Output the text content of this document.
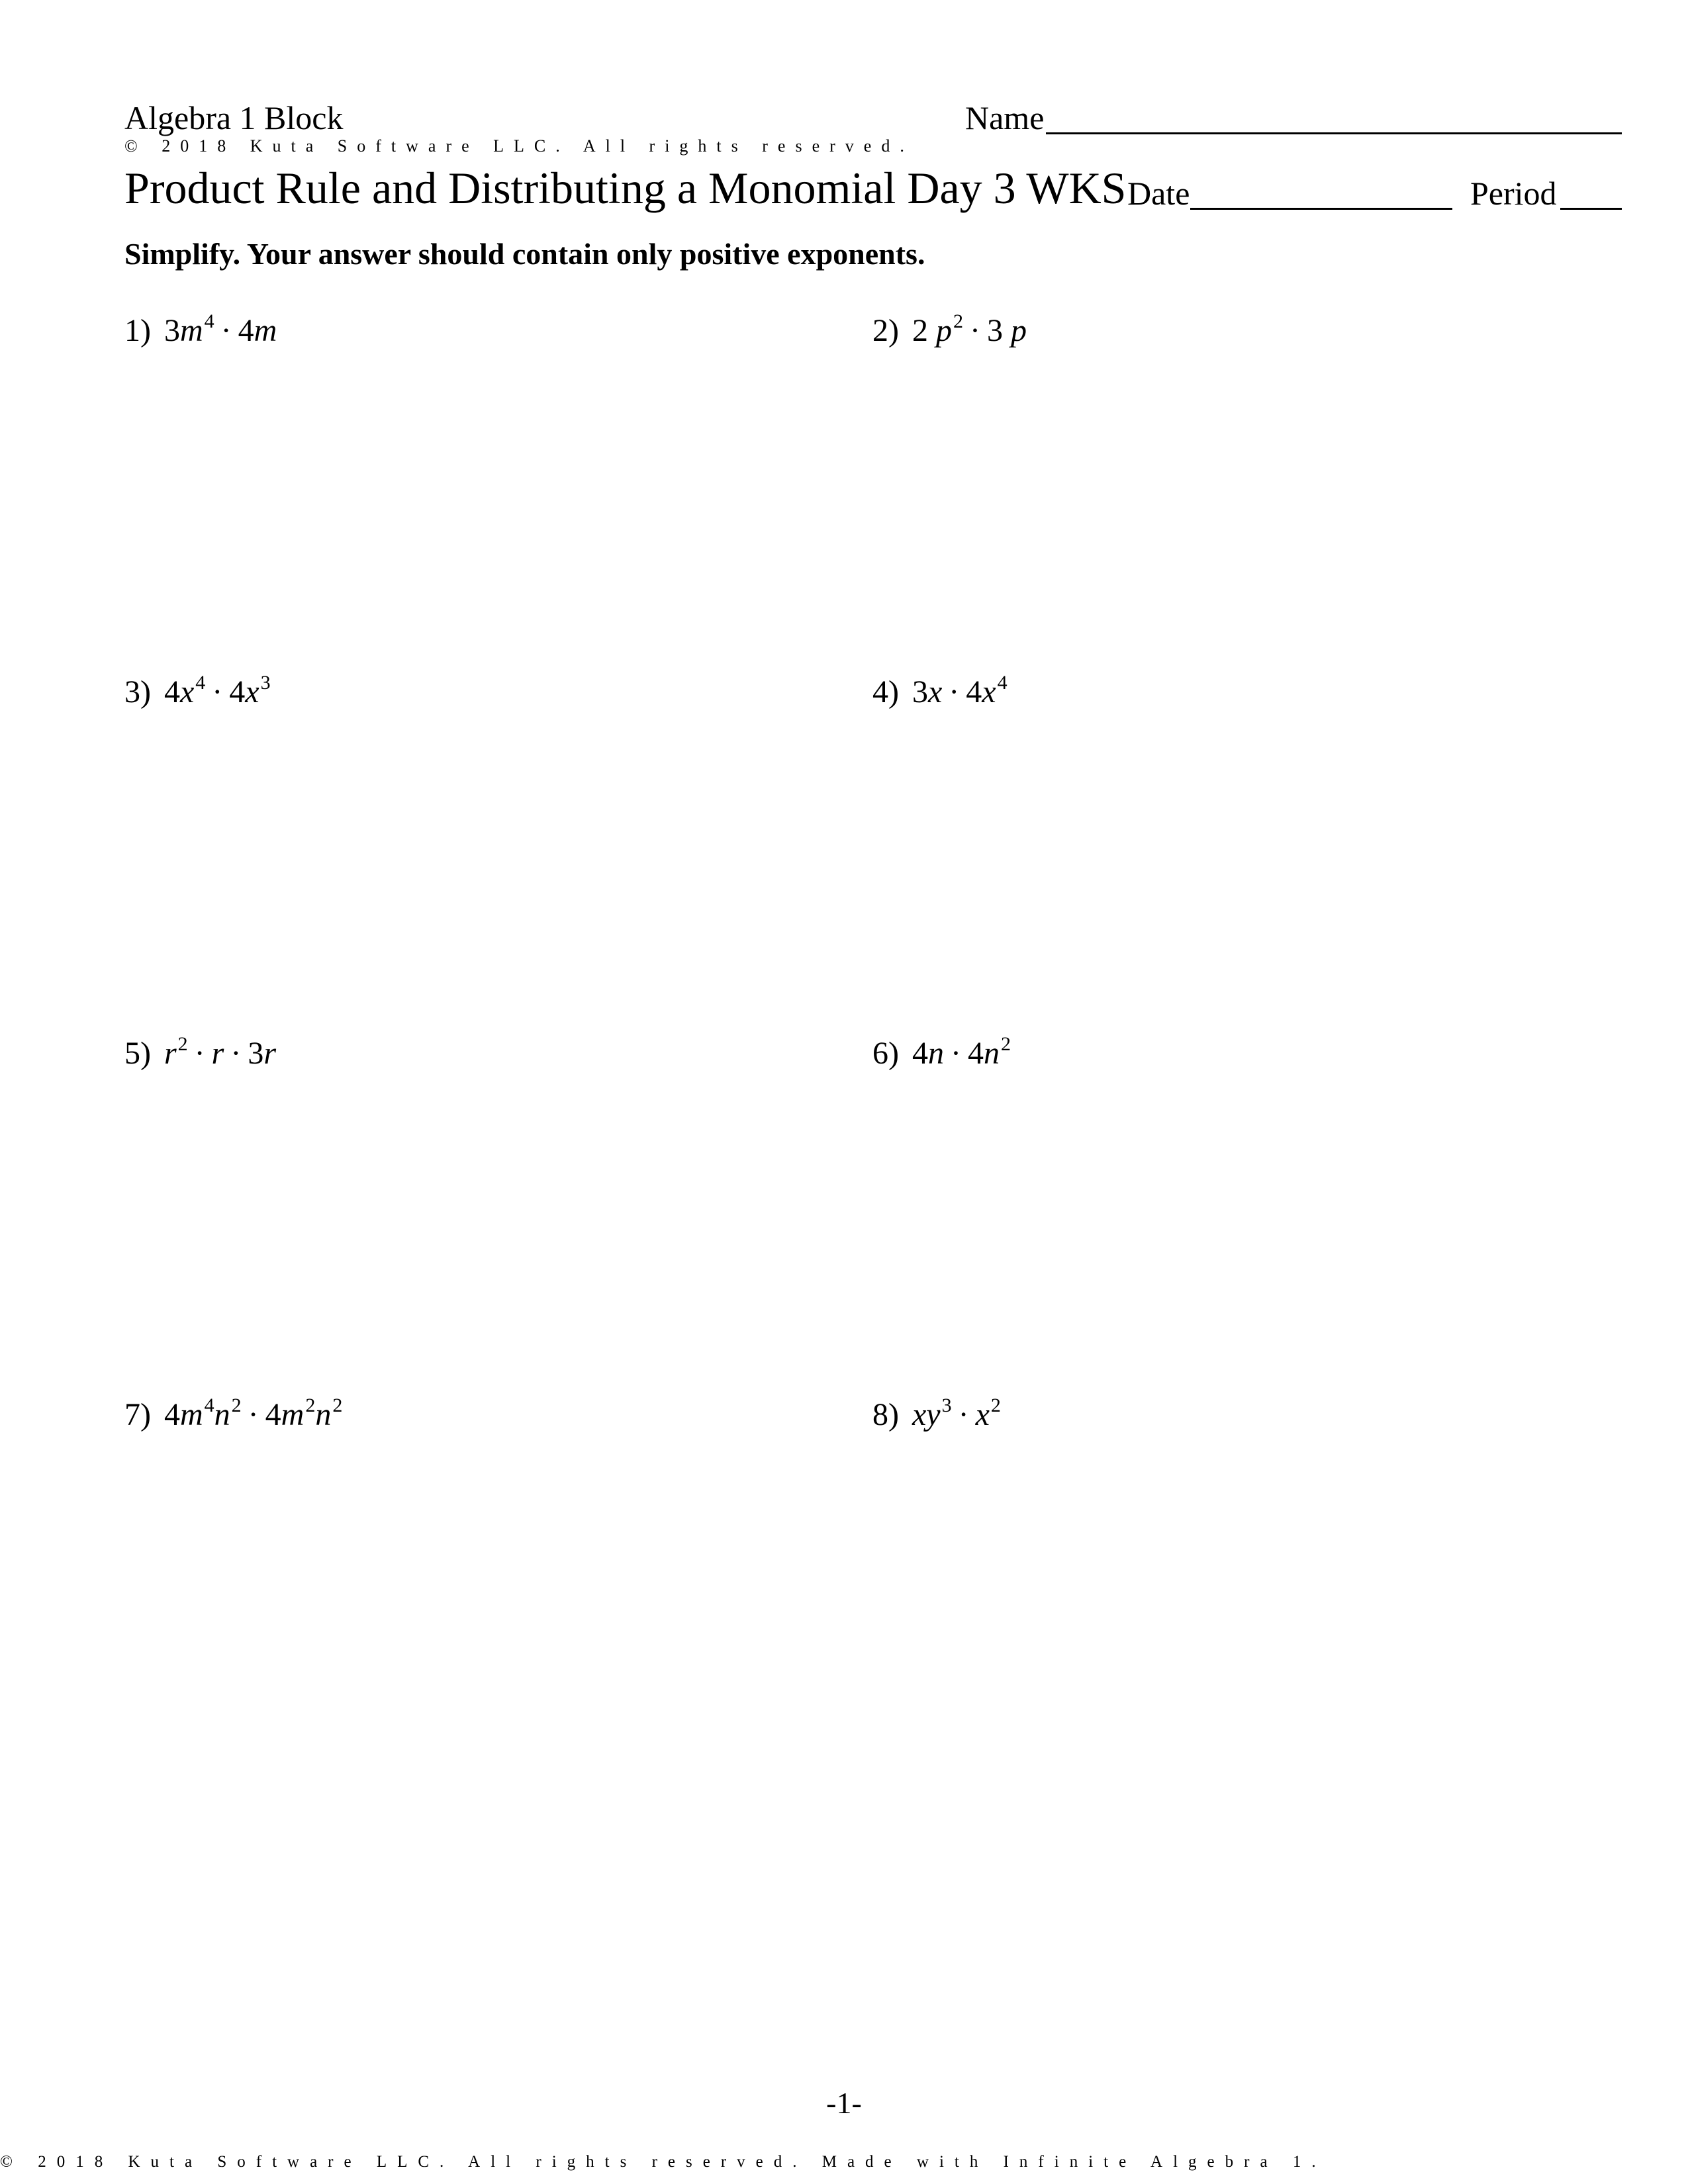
Algebra 1 Block	Name
© 2018 Kuta Software LLC. All rights reserved.
Product Rule and Distributing a Monomial Day 3 WKS Date	Period
Simplify. Your answer should contain only positive exponents.
1) $3m^4 \cdot 4m$	2) 2 $p^2 \cdot 3$ p
3) $4x^4 \cdot 4x^3$	4) $3x \cdot 4x^4$
5) $r^2 \cdot r \cdot 3r$	6) $4n \cdot 4n^2$
7) $4m^4n^2 \cdot 4m^2n^2$	8) $xy^3 \cdot x^2$
-1-
© 2018 Kuta Software LLC. All rights reserved. Made with Infinite Algebra 1.
